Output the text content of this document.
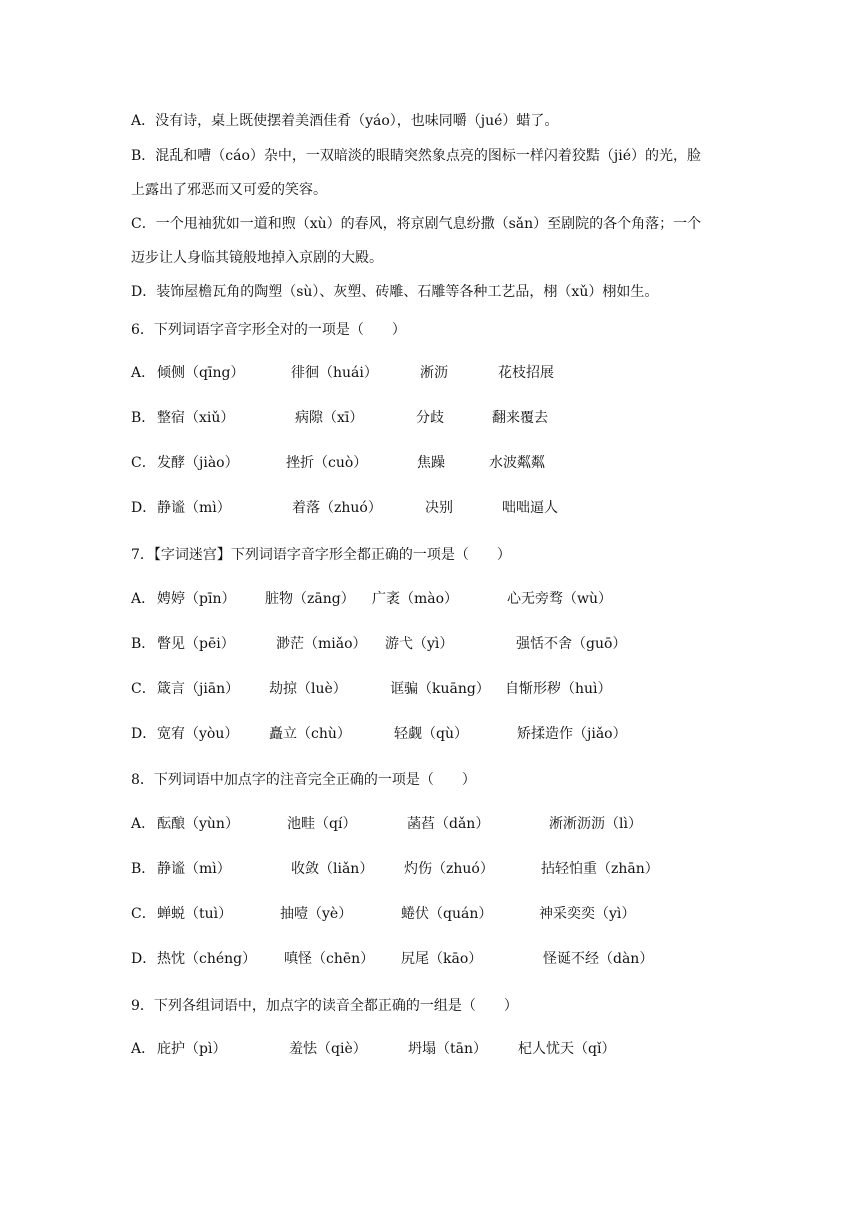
A．没有诗，桌上既使摆着美酒佳肴（yáo），也味同嚼（jué）蜡了。
B．混乱和嘈（cáo）杂中，一双暗淡的眼睛突然象点亮的图标一样闪着狡黠（jié）的光，脸
上露出了邪恶而又可爱的笑容。
C．一个甩袖犹如一道和煦（xù）的春风，将京剧气息纷撒（sǎn）至剧院的各个角落；一个
迈步让人身临其镜般地掉入京剧的大殿。
D．装饰屋檐瓦角的陶塑（sù）、灰塑、砖雕、石雕等各种工艺品，栩（xǔ）栩如生。
6．下列词语字音字形全对的一项是（　　）
A． 倾侧（qīng）	徘徊（huái）	淅沥	花枝招展
B． 整宿（xiǔ）	病隙（xī）	分歧	翻来覆去
C． 发酵（jiào）	挫折（cuò）	焦躁	水波粼粼
D． 静谧（mì）	着落（zhuó）	决别	咄咄逼人
7．【字词迷宫】下列词语字音字形全都正确的一项是（　　）
A． 娉婷（pīn） 脏物（zāng） 广袤（mào）	心无旁骛（wù）
B． 瞥见（pēi）	渺茫（miǎo） 游弋（yì）	强恬不舍（guō）
C． 箴言（jiān） 劫掠（luè）	诓骗（kuāng） 自惭形秽（huì）
D． 宽宥（yòu） 矗立（chù）	轻觑（qù）	矫揉造作（jiǎo）
8．下列词语中加点字的注音完全正确的一项是（　　）
A． 酝酿（yùn）	池畦（qí）	菡萏（dǎn）	淅淅沥沥（lì）
B． 静谧（mì）	收敛（liǎn） 灼伤（zhuó）	拈轻怕重（zhān）
C． 蝉蜕（tuì）	抽噎（yè）	蜷伏（quán）	神采奕奕（yì）
D． 热忱（chéng） 嗔怪（chēn） 尻尾（kāo）	怪诞不经（dàn）
9．下列各组词语中，加点字的读音全都正确的一组是（　　）
A． 庇护（pì）	羞怯（qiè）	坍塌（tān） 杞人忧天（qǐ）
